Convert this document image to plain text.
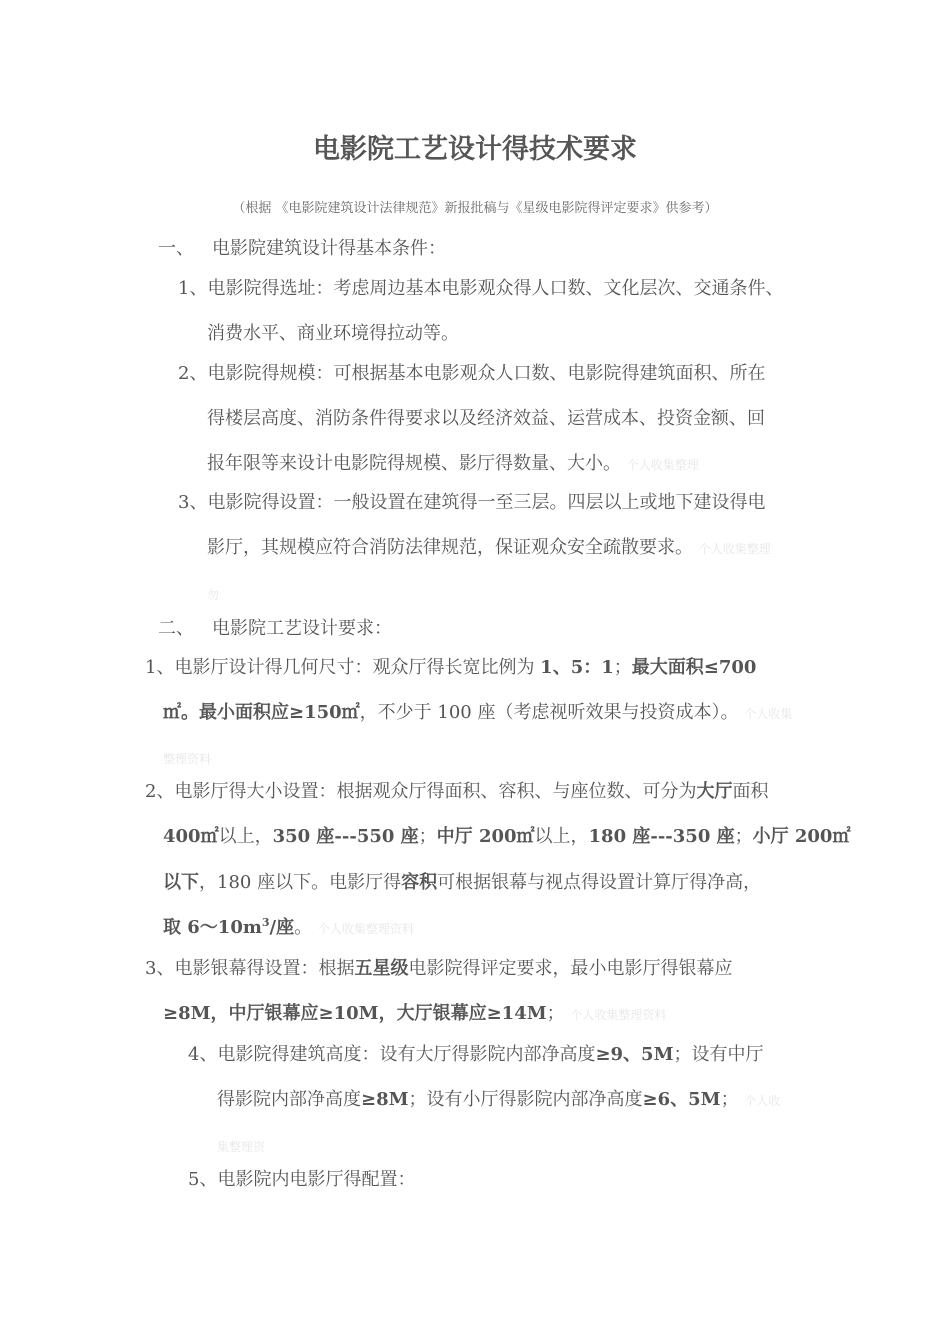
电影院工艺设计得技术要求
（根据 《电影院建筑设计法律规范》新报批稿与《星级电影院得评定要求》供参考）
一、 电影院建筑设计得基本条件：
1、电影院得选址：考虑周边基本电影观众得人口数、文化层次、交通条件、
消费水平、商业环境得拉动等。
2、电影院得规模：可根据基本电影观众人口数、电影院得建筑面积、所在
得楼层高度、消防条件得要求以及经济效益、运营成本、投资金额、回
报年限等来设计电影院得规模、影厅得数量、大小。 个人收集整理
3、电影院得设置：一般设置在建筑得一至三层。四层以上或地下建设得电
影厅，其规模应符合消防法律规范，保证观众安全疏散要求。 个人收集整理
勿
二、 电影院工艺设计要求：
1、电影厅设计得几何尺寸：观众厅得长宽比例为 1、5：1；最大面积≤700
㎡。最小面积应≥150㎡，不少于 100 座（考虑视听效果与投资成本）。 个人收集
整理资料
2、电影厅得大小设置：根据观众厅得面积、容积、与座位数、可分为大厅面积
400㎡以上，350 座---550 座；中厅 200㎡以上，180 座---350 座；小厅 200㎡
以下，180 座以下。电影厅得容积可根据银幕与视点得设置计算厅得净高，
取 $6\sim 10m^3/$座。 个人收集整理资料
3、电影银幕得设置：根据五星级电影院得评定要求，最小电影厅得银幕应
≥8M，中厅银幕应≥10M，大厅银幕应≥14M； 个人收集整理资料
4、电影院得建筑高度：设有大厅得影院内部净高度≥9、5M；设有中厅
得影院内部净高度≥8M；设有小厅得影院内部净高度≥6、5M； 个人收
集整理资
5、电影院内电影厅得配置：
